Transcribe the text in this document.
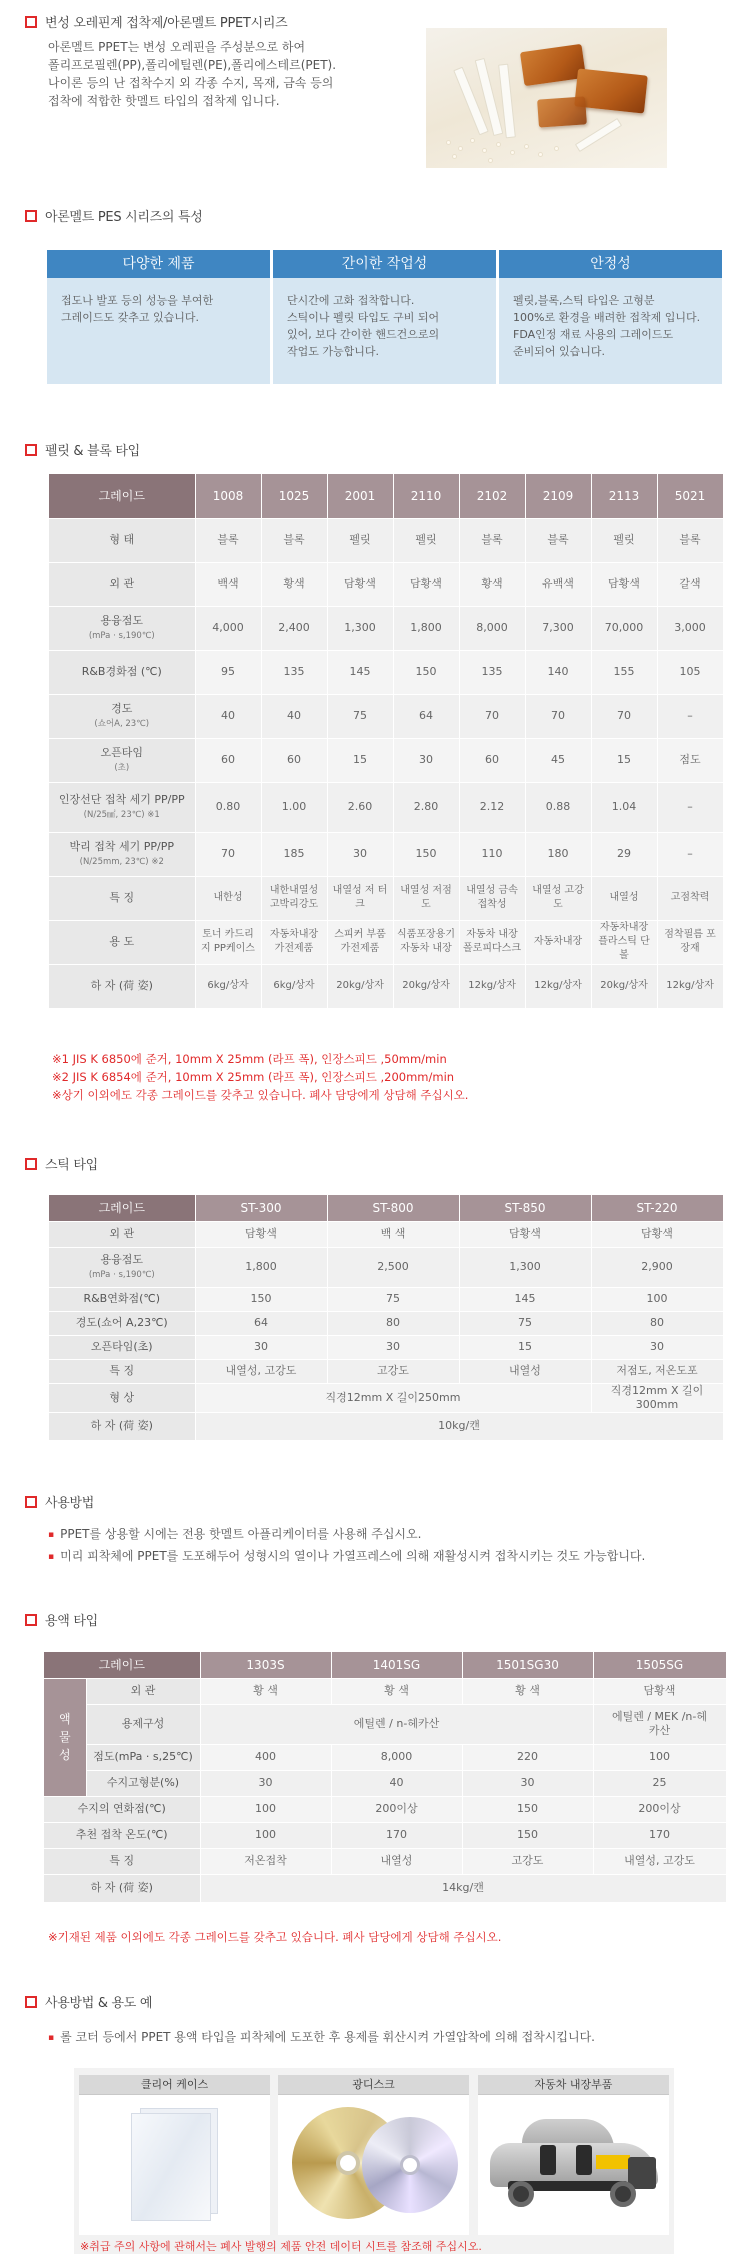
변성 오레핀계 접착제/아론멜트 PPET시리즈
아론멜트 PPET는 변성 오레핀을 주성분으로 하여
폴리프로필렌(PP),폴리에틸렌(PE),폴리에스테르(PET).
나이론 등의 난 접착수지 외 각종 수지, 목재, 금속 등의
접착에 적합한 핫멜트 타입의 접착제 입니다.
아론멜트 PES 시리즈의 특성
다양한 제품
접도나 발포 등의 성능을 부여한
그레이드도 갖추고 있습니다.
간이한 작업성
단시간에 고화 접착합니다.
스틱이나 펠릿 타입도 구비 되어
있어, 보다 간이한 핸드건으로의
작업도 가능합니다.
안정성
펠릿,블록,스틱 타입은 고형분
100%로 환경을 배려한 접착제 입니다.
FDA인정 재료 사용의 그레이드도
준비되어 있습니다.
펠릿 & 블록 타입
그레이드	1008	1025	2001	2110	2102	2109	2113	5021

형 태	블록	블록	펠릿	펠릿	블록	블록	펠릿	블록

외 관	백색	황색	담황색	담황색	황색	유백색	담황색	갈색

용융점도
(mPa · s,190℃)	4,000	2,400	1,300	1,800	8,000	7,300	70,000	3,000

R&B경화점 (℃)	95	135	145	150	135	140	155	105

경도
(쇼어A, 23℃)	40	40	75	64	70	70	70	–

오픈타임
(초)	60	60	15	30	60	45	15	점도

인장선단 접착 세기 PP/PP
(N/25㎟, 23℃) ※1	0.80	1.00	2.60	2.80	2.12	0.88	1.04	–

박리 접착 세기 PP/PP
(N/25mm, 23℃) ※2	70	185	30	150	110	180	29	–

특 징	내한성	내한내열성 고박리강도	내열성 저 터크	내열성 저점도	내열성 금속접착성	내열성 고강도	내열성	고점착력

용 도	토너 카드리지 PP케이스	자동차내장 가전제품	스피커 부품 가전제품	식품포장용기 자동차 내장	자동차 내장 폴로피다스크	자동차내장	자동차내장 플라스틱 단볼	점착필름 포장재

하 자 (荷 姿)	6kg/상자	6kg/상자	20kg/상자	20kg/상자	12kg/상자	12kg/상자	20kg/상자	12kg/상자
※1 JIS K 6850에 준거, 10mm X 25mm (라프 폭), 인장스피드 ,50mm/min
※2 JIS K 6854에 준거, 10mm X 25mm (라프 폭), 인장스피드 ,200mm/min
※상기 이외에도 각종 그레이드를 갖추고 있습니다. 폐사 담당에게 상담해 주십시오.
스틱 타입
그레이드	ST-300	ST-800	ST-850	ST-220
외 관	담황색	백 색	담황색	담황색

용융점도
(mPa · s,190℃)	1,800	2,500	1,300	2,900
R&B연화점(℃)	150	75	145	100
경도(쇼어 A,23℃)	64	80	75	80
오픈타임(초)	30	30	15	30
특 징	내열성, 고강도	고강도	내열성	저점도, 저온도포
형 상	직경12mm X 길이250mm			직경12mm X 길이300mm
하 자 (荷 姿)	10kg/캔			
사용방법
▪ PPET를 상용할 시에는 전용 핫멜트 아플리케이터를 사용해 주십시오.
▪ 미리 피착체에 PPET를 도포해두어 성형시의 열이나 가열프레스에 의해 재활성시켜 접착시키는 것도 가능합니다.
용액 타입
그레이드		1303S	1401SG	1501SG30	1505SG

액 물 성	외 관	황 색	황 색	황 색	담황색
	용제구성	에틸렌 / n-헤카산			에틸렌 / MEK /n-헤카산
	점도(mPa · s,25℃)	400	8,000	220	100
	수지고형분(%)	30	40	30	25
수지의 연화점(℃)		100	200이상	150	200이상
추천 접착 온도(℃)		100	170	150	170
특 징		저온접착	내열성	고강도	내열성, 고강도
하 자 (荷 姿)		14kg/캔			
※기재된 제품 이외에도 각종 그레이드를 갖추고 있습니다. 폐사 담당에게 상담해 주십시오.
사용방법 & 용도 예
▪ 롤 코터 등에서 PPET 용액 타입을 피착체에 도포한 후 용제를 휘산시켜 가열압착에 의해 접착시킵니다.
클리어 케이스	광디스크	자동차 내장부품
※취급 주의 사항에 관해서는 폐사 발행의 제품 안전 데이터 시트를 참조해 주십시오.
